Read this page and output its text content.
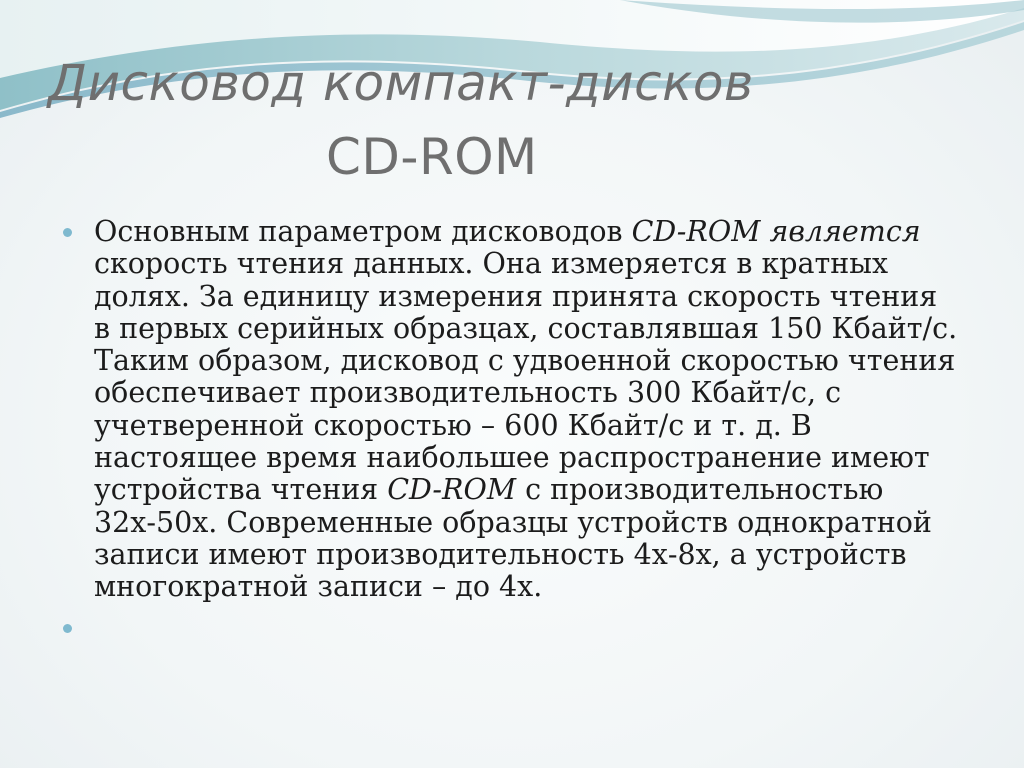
Дисковод компакт-дисков
CD-ROM
Основным параметром дисководов CD-ROM является скорость чтения данных. Она измеряется в кратных долях. За единицу измерения принята скорость чтения в первых серийных образцах, составлявшая 150 Кбайт/с. Таким образом, дисковод с удвоенной скоростью чтения обеспечивает производительность 300 Кбайт/с, с учетверенной скоростью – 600 Кбайт/с и т. д. В настоящее время наибольшее распространение имеют устройства чтения CD-ROM с производительностью 32х-50х. Современные образцы устройств однократной записи имеют производительность 4х-8х, а устройств многократной записи – до 4х.
